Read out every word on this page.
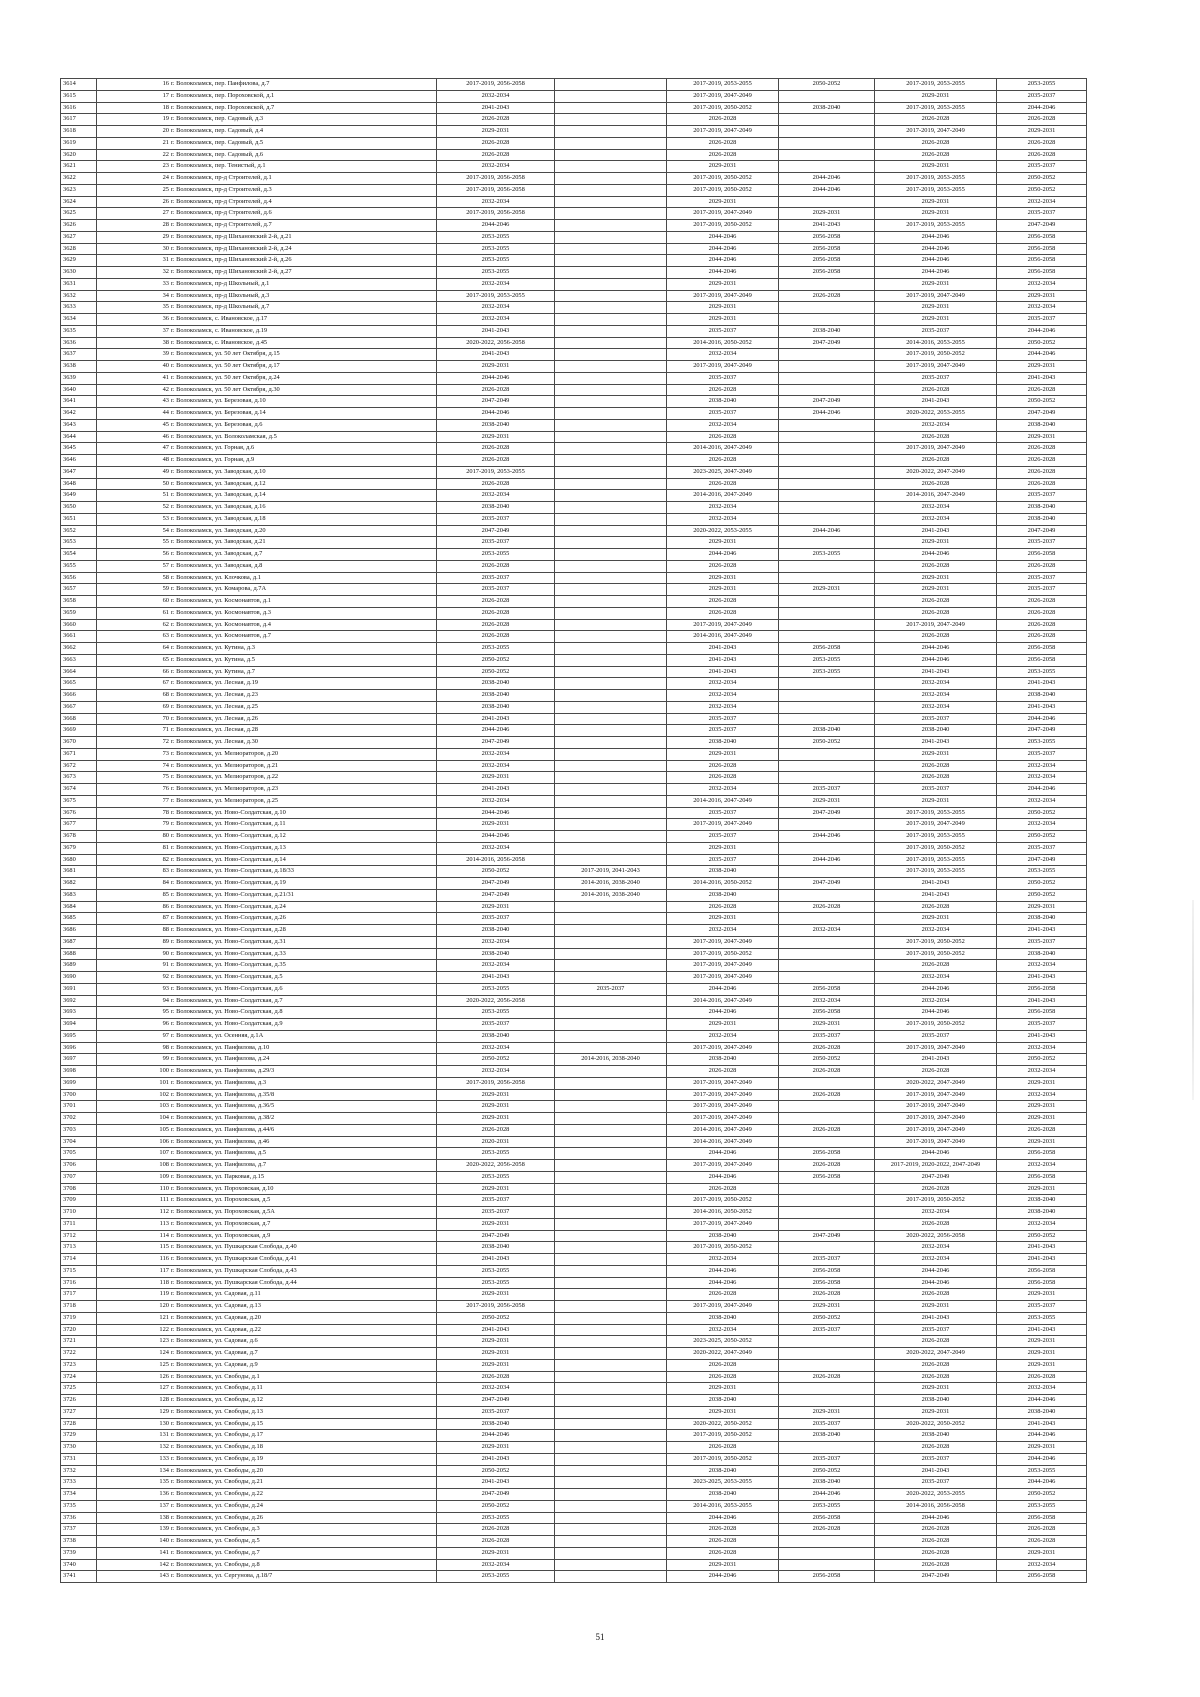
3614	16 г. Волоколамск, пер. Панфилова, д.7	2017-2019, 2056-2058		2017-2019, 2053-2055	2050-2052	2017-2019, 2053-2055	2053-2055
3615	17 г. Волоколамск, пер. Пороховской, д.1	2032-2034		2017-2019, 2047-2049		2029-2031	2035-2037
3616	18 г. Волоколамск, пер. Пороховской, д.7	2041-2043		2017-2019, 2050-2052	2038-2040	2017-2019, 2053-2055	2044-2046
3617	19 г. Волоколамск, пер. Садовый, д.3	2026-2028		2026-2028		2026-2028	2026-2028
3618	20 г. Волоколамск, пер. Садовый, д.4	2029-2031		2017-2019, 2047-2049		2017-2019, 2047-2049	2029-2031
3619	21 г. Волоколамск, пер. Садовый, д.5	2026-2028		2026-2028		2026-2028	2026-2028
3620	22 г. Волоколамск, пер. Садовый, д.6	2026-2028		2026-2028		2026-2028	2026-2028
3621	23 г. Волоколамск, пер. Тенистый, д.1	2032-2034		2029-2031		2029-2031	2035-2037
3622	24 г. Волоколамск, пр-д Строителей, д.1	2017-2019, 2056-2058		2017-2019, 2050-2052	2044-2046	2017-2019, 2053-2055	2050-2052
3623	25 г. Волоколамск, пр-д Строителей, д.3	2017-2019, 2056-2058		2017-2019, 2050-2052	2044-2046	2017-2019, 2053-2055	2050-2052
3624	26 г. Волоколамск, пр-д Строителей, д.4	2032-2034		2029-2031		2029-2031	2032-2034
3625	27 г. Волоколамск, пр-д Строителей, д.6	2017-2019, 2056-2058		2017-2019, 2047-2049	2029-2031	2029-2031	2035-2037
3626	28 г. Волоколамск, пр-д Строителей, д.7	2044-2046		2017-2019, 2050-2052	2041-2043	2017-2019, 2053-2055	2047-2049
3627	29 г. Волоколамск, пр-д Шихановский 2-й, д.21	2053-2055		2044-2046	2056-2058	2044-2046	2056-2058
3628	30 г. Волоколамск, пр-д Шихановский 2-й, д.24	2053-2055		2044-2046	2056-2058	2044-2046	2056-2058
3629	31 г. Волоколамск, пр-д Шихановский 2-й, д.26	2053-2055		2044-2046	2056-2058	2044-2046	2056-2058
3630	32 г. Волоколамск, пр-д Шихановский 2-й, д.27	2053-2055		2044-2046	2056-2058	2044-2046	2056-2058
3631	33 г. Волоколамск, пр-д Школьный, д.1	2032-2034		2029-2031		2029-2031	2032-2034
3632	34 г. Волоколамск, пр-д Школьный, д.3	2017-2019, 2053-2055		2017-2019, 2047-2049	2026-2028	2017-2019, 2047-2049	2029-2031
3633	35 г. Волоколамск, пр-д Школьный, д.7	2032-2034		2029-2031		2029-2031	2032-2034
3634	36 г. Волоколамск, с. Ивановское, д.17	2032-2034		2029-2031		2029-2031	2035-2037
3635	37 г. Волоколамск, с. Ивановское, д.19	2041-2043		2035-2037	2038-2040	2035-2037	2044-2046
3636	38 г. Волоколамск, с. Ивановское, д.45	2020-2022, 2056-2058		2014-2016, 2050-2052	2047-2049	2014-2016, 2053-2055	2050-2052
3637	39 г. Волоколамск, ул. 50 лет Октября, д.15	2041-2043		2032-2034		2017-2019, 2050-2052	2044-2046
3638	40 г. Волоколамск, ул. 50 лет Октября, д.17	2029-2031		2017-2019, 2047-2049		2017-2019, 2047-2049	2029-2031
3639	41 г. Волоколамск, ул. 50 лет Октября, д.24	2044-2046		2035-2037		2035-2037	2041-2043
3640	42 г. Волоколамск, ул. 50 лет Октября, д.30	2026-2028		2026-2028		2026-2028	2026-2028
3641	43 г. Волоколамск, ул. Березовая, д.10	2047-2049		2038-2040	2047-2049	2041-2043	2050-2052
3642	44 г. Волоколамск, ул. Березовая, д.14	2044-2046		2035-2037	2044-2046	2020-2022, 2053-2055	2047-2049
3643	45 г. Волоколамск, ул. Березовая, д.6	2038-2040		2032-2034		2032-2034	2038-2040
3644	46 г. Волоколамск, ул. Волоколамская, д.5	2029-2031		2026-2028		2026-2028	2029-2031
3645	47 г. Волоколамск, ул. Горная, д.6	2026-2028		2014-2016, 2047-2049		2017-2019, 2047-2049	2026-2028
3646	48 г. Волоколамск, ул. Горная, д.9	2026-2028		2026-2028		2026-2028	2026-2028
3647	49 г. Волоколамск, ул. Заводская, д.10	2017-2019, 2053-2055		2023-2025, 2047-2049		2020-2022, 2047-2049	2026-2028
3648	50 г. Волоколамск, ул. Заводская, д.12	2026-2028		2026-2028		2026-2028	2026-2028
3649	51 г. Волоколамск, ул. Заводская, д.14	2032-2034		2014-2016, 2047-2049		2014-2016, 2047-2049	2035-2037
3650	52 г. Волоколамск, ул. Заводская, д.16	2038-2040		2032-2034		2032-2034	2038-2040
3651	53 г. Волоколамск, ул. Заводская, д.18	2035-2037		2032-2034		2032-2034	2038-2040
3652	54 г. Волоколамск, ул. Заводская, д.20	2047-2049		2020-2022, 2053-2055	2044-2046	2041-2043	2047-2049
3653	55 г. Волоколамск, ул. Заводская, д.21	2035-2037		2029-2031		2029-2031	2035-2037
3654	56 г. Волоколамск, ул. Заводская, д.7	2053-2055		2044-2046	2053-2055	2044-2046	2056-2058
3655	57 г. Волоколамск, ул. Заводская, д.8	2026-2028		2026-2028		2026-2028	2026-2028
3656	58 г. Волоколамск, ул. Клочкова, д.1	2035-2037		2029-2031		2029-2031	2035-2037
3657	59 г. Волоколамск, ул. Комарова, д.7А	2035-2037		2029-2031	2029-2031	2029-2031	2035-2037
3658	60 г. Волоколамск, ул. Космонавтов, д.1	2026-2028		2026-2028		2026-2028	2026-2028
3659	61 г. Волоколамск, ул. Космонавтов, д.3	2026-2028		2026-2028		2026-2028	2026-2028
3660	62 г. Волоколамск, ул. Космонавтов, д.4	2026-2028		2017-2019, 2047-2049		2017-2019, 2047-2049	2026-2028
3661	63 г. Волоколамск, ул. Космонавтов, д.7	2026-2028		2014-2016, 2047-2049		2026-2028	2026-2028
3662	64 г. Волоколамск, ул. Кутина, д.3	2053-2055		2041-2043	2056-2058	2044-2046	2056-2058
3663	65 г. Волоколамск, ул. Кутина, д.5	2050-2052		2041-2043	2053-2055	2044-2046	2056-2058
3664	66 г. Волоколамск, ул. Кутина, д.7	2050-2052		2041-2043	2053-2055	2041-2043	2053-2055
3665	67 г. Волоколамск, ул. Лесная, д.19	2038-2040		2032-2034		2032-2034	2041-2043
3666	68 г. Волоколамск, ул. Лесная, д.23	2038-2040		2032-2034		2032-2034	2038-2040
3667	69 г. Волоколамск, ул. Лесная, д.25	2038-2040		2032-2034		2032-2034	2041-2043
3668	70 г. Волоколамск, ул. Лесная, д.26	2041-2043		2035-2037		2035-2037	2044-2046
3669	71 г. Волоколамск, ул. Лесная, д.28	2044-2046		2035-2037	2038-2040	2038-2040	2047-2049
3670	72 г. Волоколамск, ул. Лесная, д.30	2047-2049		2038-2040	2050-2052	2041-2043	2053-2055
3671	73 г. Волоколамск, ул. Мелиораторов, д.20	2032-2034		2029-2031		2029-2031	2035-2037
3672	74 г. Волоколамск, ул. Мелиораторов, д.21	2032-2034		2026-2028		2026-2028	2032-2034
3673	75 г. Волоколамск, ул. Мелиораторов, д.22	2029-2031		2026-2028		2026-2028	2032-2034
3674	76 г. Волоколамск, ул. Мелиораторов, д.23	2041-2043		2032-2034	2035-2037	2035-2037	2044-2046
3675	77 г. Волоколамск, ул. Мелиораторов, д.25	2032-2034		2014-2016, 2047-2049	2029-2031	2029-2031	2032-2034
3676	78 г. Волоколамск, ул. Ново-Солдатская, д.10	2044-2046		2035-2037	2047-2049	2017-2019, 2053-2055	2050-2052
3677	79 г. Волоколамск, ул. Ново-Солдатская, д.11	2029-2031		2017-2019, 2047-2049		2017-2019, 2047-2049	2032-2034
3678	80 г. Волоколамск, ул. Ново-Солдатская, д.12	2044-2046		2035-2037	2044-2046	2017-2019, 2053-2055	2050-2052
3679	81 г. Волоколамск, ул. Ново-Солдатская, д.13	2032-2034		2029-2031		2017-2019, 2050-2052	2035-2037
3680	82 г. Волоколамск, ул. Ново-Солдатская, д.14	2014-2016, 2056-2058		2035-2037	2044-2046	2017-2019, 2053-2055	2047-2049
3681	83 г. Волоколамск, ул. Ново-Солдатская, д.18/33	2050-2052	2017-2019, 2041-2043	2038-2040		2017-2019, 2053-2055	2053-2055
3682	84 г. Волоколамск, ул. Ново-Солдатская, д.19	2047-2049	2014-2016, 2038-2040	2014-2016, 2050-2052	2047-2049	2041-2043	2050-2052
3683	85 г. Волоколамск, ул. Ново-Солдатская, д.21/31	2047-2049	2014-2016, 2038-2040	2038-2040		2041-2043	2050-2052
3684	86 г. Волоколамск, ул. Ново-Солдатская, д.24	2029-2031		2026-2028	2026-2028	2026-2028	2029-2031
3685	87 г. Волоколамск, ул. Ново-Солдатская, д.26	2035-2037		2029-2031		2029-2031	2038-2040
3686	88 г. Волоколамск, ул. Ново-Солдатская, д.28	2038-2040		2032-2034	2032-2034	2032-2034	2041-2043
3687	89 г. Волоколамск, ул. Ново-Солдатская, д.31	2032-2034		2017-2019, 2047-2049		2017-2019, 2050-2052	2035-2037
3688	90 г. Волоколамск, ул. Ново-Солдатская, д.33	2038-2040		2017-2019, 2050-2052		2017-2019, 2050-2052	2038-2040
3689	91 г. Волоколамск, ул. Ново-Солдатская, д.35	2032-2034		2017-2019, 2047-2049		2026-2028	2032-2034
3690	92 г. Волоколамск, ул. Ново-Солдатская, д.5	2041-2043		2017-2019, 2047-2049		2032-2034	2041-2043
3691	93 г. Волоколамск, ул. Ново-Солдатская, д.6	2053-2055	2035-2037	2044-2046	2056-2058	2044-2046	2056-2058
3692	94 г. Волоколамск, ул. Ново-Солдатская, д.7	2020-2022, 2056-2058		2014-2016, 2047-2049	2032-2034	2032-2034	2041-2043
3693	95 г. Волоколамск, ул. Ново-Солдатская, д.8	2053-2055		2044-2046	2056-2058	2044-2046	2056-2058
3694	96 г. Волоколамск, ул. Ново-Солдатская, д.9	2035-2037		2029-2031	2029-2031	2017-2019, 2050-2052	2035-2037
3695	97 г. Волоколамск, ул. Осенняя, д.1А	2038-2040		2032-2034	2035-2037	2035-2037	2041-2043
3696	98 г. Волоколамск, ул. Панфилова, д.10	2032-2034		2017-2019, 2047-2049	2026-2028	2017-2019, 2047-2049	2032-2034
3697	99 г. Волоколамск, ул. Панфилова, д.24	2050-2052	2014-2016, 2038-2040	2038-2040	2050-2052	2041-2043	2050-2052
3698	100 г. Волоколамск, ул. Панфилова, д.29/3	2032-2034		2026-2028	2026-2028	2026-2028	2032-2034
3699	101 г. Волоколамск, ул. Панфилова, д.3	2017-2019, 2056-2058		2017-2019, 2047-2049		2020-2022, 2047-2049	2029-2031
3700	102 г. Волоколамск, ул. Панфилова, д.35/8	2029-2031		2017-2019, 2047-2049	2026-2028	2017-2019, 2047-2049	2032-2034
3701	103 г. Волоколамск, ул. Панфилова, д.36/5	2029-2031		2017-2019, 2047-2049		2017-2019, 2047-2049	2029-2031
3702	104 г. Волоколамск, ул. Панфилова, д.38/2	2029-2031		2017-2019, 2047-2049		2017-2019, 2047-2049	2029-2031
3703	105 г. Волоколамск, ул. Панфилова, д.44/6	2026-2028		2014-2016, 2047-2049	2026-2028	2017-2019, 2047-2049	2026-2028
3704	106 г. Волоколамск, ул. Панфилова, д.46	2020-2031		2014-2016, 2047-2049		2017-2019, 2047-2049	2029-2031
3705	107 г. Волоколамск, ул. Панфилова, д.5	2053-2055		2044-2046	2056-2058	2044-2046	2056-2058
3706	108 г. Волоколамск, ул. Панфилова, д.7	2020-2022, 2056-2058		2017-2019, 2047-2049	2026-2028	2017-2019, 2020-2022, 2047-2049	2032-2034
3707	109 г. Волоколамск, ул. Парковая, д.15	2053-2055		2044-2046	2056-2058	2047-2049	2056-2058
3708	110 г. Волоколамск, ул. Пороховская, д.10	2029-2031		2026-2028		2026-2028	2029-2031
3709	111 г. Волоколамск, ул. Пороховская, д.5	2035-2037		2017-2019, 2050-2052		2017-2019, 2050-2052	2038-2040
3710	112 г. Волоколамск, ул. Пороховская, д.5А	2035-2037		2014-2016, 2050-2052		2032-2034	2038-2040
3711	113 г. Волоколамск, ул. Пороховская, д.7	2029-2031		2017-2019, 2047-2049		2026-2028	2032-2034
3712	114 г. Волоколамск, ул. Пороховская, д.9	2047-2049		2038-2040	2047-2049	2020-2022, 2056-2058	2050-2052
3713	115 г. Волоколамск, ул. Пушкарская Слобода, д.40	2038-2040		2017-2019, 2050-2052		2032-2034	2041-2043
3714	116 г. Волоколамск, ул. Пушкарская Слобода, д.41	2041-2043		2032-2034	2035-2037	2032-2034	2041-2043
3715	117 г. Волоколамск, ул. Пушкарская Слобода, д.43	2053-2055		2044-2046	2056-2058	2044-2046	2056-2058
3716	118 г. Волоколамск, ул. Пушкарская Слобода, д.44	2053-2055		2044-2046	2056-2058	2044-2046	2056-2058
3717	119 г. Волоколамск, ул. Садовая, д.11	2029-2031		2026-2028	2026-2028	2026-2028	2029-2031
3718	120 г. Волоколамск, ул. Садовая, д.13	2017-2019, 2056-2058		2017-2019, 2047-2049	2029-2031	2029-2031	2035-2037
3719	121 г. Волоколамск, ул. Садовая, д.20	2050-2052		2038-2040	2050-2052	2041-2043	2053-2055
3720	122 г. Волоколамск, ул. Садовая, д.22	2041-2043		2032-2034	2035-2037	2035-2037	2041-2043
3721	123 г. Волоколамск, ул. Садовая, д.6	2029-2031		2023-2025, 2050-2052		2026-2028	2029-2031
3722	124 г. Волоколамск, ул. Садовая, д.7	2029-2031		2020-2022, 2047-2049		2020-2022, 2047-2049	2029-2031
3723	125 г. Волоколамск, ул. Садовая, д.9	2029-2031		2026-2028		2026-2028	2029-2031
3724	126 г. Волоколамск, ул. Свободы, д.1	2026-2028		2026-2028	2026-2028	2026-2028	2026-2028
3725	127 г. Волоколамск, ул. Свободы, д.11	2032-2034		2029-2031		2029-2031	2032-2034
3726	128 г. Волоколамск, ул. Свободы, д.12	2047-2049		2038-2040		2038-2040	2044-2046
3727	129 г. Волоколамск, ул. Свободы, д.13	2035-2037		2029-2031	2029-2031	2029-2031	2038-2040
3728	130 г. Волоколамск, ул. Свободы, д.15	2038-2040		2020-2022, 2050-2052	2035-2037	2020-2022, 2050-2052	2041-2043
3729	131 г. Волоколамск, ул. Свободы, д.17	2044-2046		2017-2019, 2050-2052	2038-2040	2038-2040	2044-2046
3730	132 г. Волоколамск, ул. Свободы, д.18	2029-2031		2026-2028		2026-2028	2029-2031
3731	133 г. Волоколамск, ул. Свободы, д.19	2041-2043		2017-2019, 2050-2052	2035-2037	2035-2037	2044-2046
3732	134 г. Волоколамск, ул. Свободы, д.20	2050-2052		2038-2040	2050-2052	2041-2043	2053-2055
3733	135 г. Волоколамск, ул. Свободы, д.21	2041-2043		2023-2025, 2053-2055	2038-2040	2035-2037	2044-2046
3734	136 г. Волоколамск, ул. Свободы, д.22	2047-2049		2038-2040	2044-2046	2020-2022, 2053-2055	2050-2052
3735	137 г. Волоколамск, ул. Свободы, д.24	2050-2052		2014-2016, 2053-2055	2053-2055	2014-2016, 2056-2058	2053-2055
3736	138 г. Волоколамск, ул. Свободы, д.26	2053-2055		2044-2046	2056-2058	2044-2046	2056-2058
3737	139 г. Волоколамск, ул. Свободы, д.3	2026-2028		2026-2028	2026-2028	2026-2028	2026-2028
3738	140 г. Волоколамск, ул. Свободы, д.5	2026-2028		2026-2028		2026-2028	2026-2028
3739	141 г. Волоколамск, ул. Свободы, д.7	2029-2031		2026-2028		2026-2028	2029-2031
3740	142 г. Волоколамск, ул. Свободы, д.8	2032-2034		2029-2031		2026-2028	2032-2034
3741	143 г. Волоколамск, ул. Сергунова, д.18/7	2053-2055		2044-2046	2056-2058	2047-2049	2056-2058
51
